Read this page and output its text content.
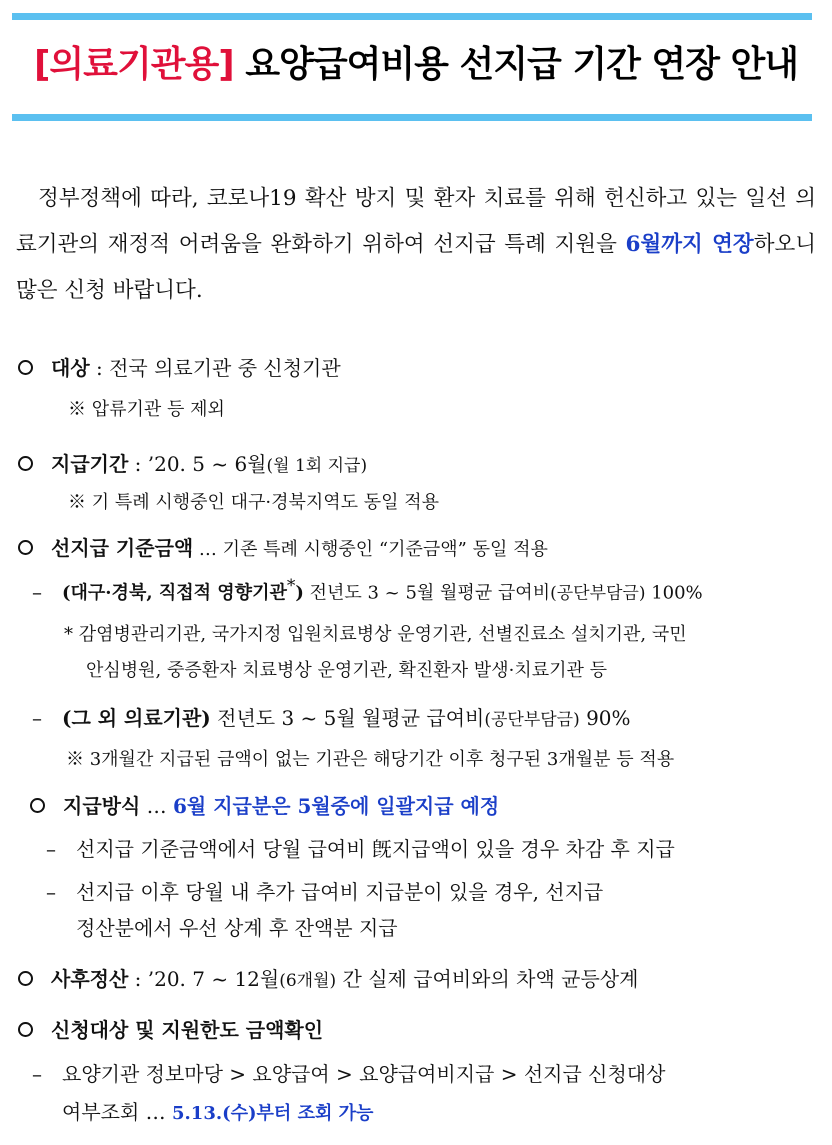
[의료기관용] 요양급여비용 선지급 기간 연장 안내
정부정책에 따라, 코로나19 확산 방지 및 환자 치료를 위해 헌신하고 있는 일선 의료기관의 재정적 어려움을 완화하기 위하여 선지급 특례 지원을 6월까지 연장하오니 많은 신청 바랍니다.
대상 : 전국 의료기관 중 신청기관
※ 압류기관 등 제외
지급기간 : ’20. 5 ~ 6월(월 1회 지급)
※ 기 특례 시행중인 대구·경북지역도 동일 적용
선지급 기준금액 … 기존 특례 시행중인 “기준금액” 동일 적용
– (대구·경북, 직접적 영향기관*) 전년도 3 ~ 5월 월평균 급여비(공단부담금) 100%
* 감염병관리기관, 국가지정 입원치료병상 운영기관, 선별진료소 설치기관, 국민
안심병원, 중증환자 치료병상 운영기관, 확진환자 발생·치료기관 등
– (그 외 의료기관) 전년도 3 ~ 5월 월평균 급여비(공단부담금) 90%
※ 3개월간 지급된 금액이 없는 기관은 해당기간 이후 청구된 3개월분 등 적용
지급방식 … 6월 지급분은 5월중에 일괄지급 예정
– 선지급 기준금액에서 당월 급여비 旣지급액이 있을 경우 차감 후 지급
– 선지급 이후 당월 내 추가 급여비 지급분이 있을 경우, 선지급
정산분에서 우선 상계 후 잔액분 지급
사후정산 : ’20. 7 ~ 12월(6개월) 간 실제 급여비와의 차액 균등상계
신청대상 및 지원한도 금액확인
– 요양기관 정보마당 > 요양급여 > 요양급여비지급 > 선지급 신청대상
여부조회 … 5.13.(수)부터 조회 가능
